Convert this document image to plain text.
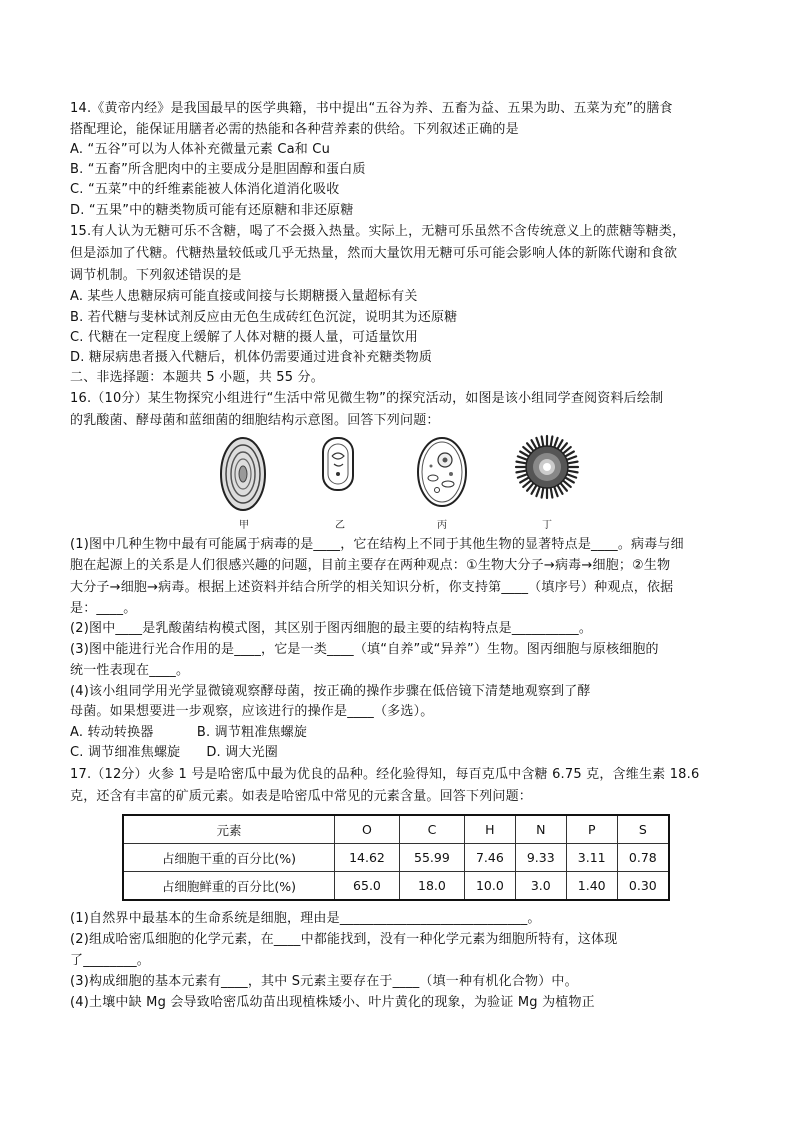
14.《黄帝内经》是我国最早的医学典籍，书中提出“五谷为养、五畜为益、五果为助、五菜为充”的膳食
搭配理论，能保证用膳者必需的热能和各种营养素的供给。下列叙述正确的是
A. “五谷”可以为人体补充微量元素 Ca和 Cu
B. “五畜”所含肥肉中的主要成分是胆固醇和蛋白质
C. “五菜”中的纤维素能被人体消化道消化吸收
D. “五果”中的糖类物质可能有还原糖和非还原糖
15.有人认为无糖可乐不含糖，喝了不会摄入热量。实际上，无糖可乐虽然不含传统意义上的蔗糖等糖类，
但是添加了代糖。代糖热量较低或几乎无热量，然而大量饮用无糖可乐可能会影响人体的新陈代谢和食欲
调节机制。下列叙述错误的是
A. 某些人患糖尿病可能直接或间接与长期糖摄入量超标有关
B. 若代糖与斐林试剂反应由无色生成砖红色沉淀，说明其为还原糖
C. 代糖在一定程度上缓解了人体对糖的摄人量，可适量饮用
D. 糖尿病患者摄入代糖后，机体仍需要通过进食补充糖类物质
二、非选择题：本题共 5 小题，共 55 分。
16.（10分）某生物探究小组进行“生活中常见微生物”的探究活动，如图是该小组同学查阅资料后绘制
的乳酸菌、酵母菌和蓝细菌的细胞结构示意图。回答下列问题：
甲	乙	丙	丁
(1)图中几种生物中最有可能属于病毒的是____，它在结构上不同于其他生物的显著特点是____。病毒与细
胞在起源上的关系是人们很感兴趣的问题，目前主要存在两种观点：①生物大分子→病毒→细胞；②生物
大分子→细胞→病毒。根据上述资料并结合所学的相关知识分析，你支持第____（填序号）种观点，依据
是：____。
(2)图中____是乳酸菌结构模式图，其区别于图丙细胞的最主要的结构特点是__________。
(3)图中能进行光合作用的是____，它是一类____（填“自养”或“异养”）生物。图丙细胞与原核细胞的
统一性表现在____。
(4)该小组同学用光学显微镜观察酵母菌，按正确的操作步骤在低倍镜下清楚地观察到了酵
母菌。如果想要进一步观察，应该进行的操作是____（多选）。
A. 转动转换器          B. 调节粗准焦螺旋
C. 调节细准焦螺旋      D. 调大光圈
17.（12分）火参 1 号是哈密瓜中最为优良的品种。经化验得知，每百克瓜中含糖 6.75 克，含维生素 18.6
克，还含有丰富的矿质元素。如表是哈密瓜中常见的元素含量。回答下列问题：
元素	O	C	H	N	P	S
占细胞干重的百分比(%)	14.62	55.99	7.46	9.33	3.11	0.78
占细胞鲜重的百分比(%)	65.0	18.0	10.0	3.0	1.40	0.30
(1)自然界中最基本的生命系统是细胞，理由是____________________________。
(2)组成哈密瓜细胞的化学元素，在____中都能找到，没有一种化学元素为细胞所特有，这体现
了________。
(3)构成细胞的基本元素有____，其中 S元素主要存在于____（填一种有机化合物）中。
(4)土壤中缺 Mg 会导致哈密瓜幼苗出现植株矮小、叶片黄化的现象，为验证 Mg 为植物正
